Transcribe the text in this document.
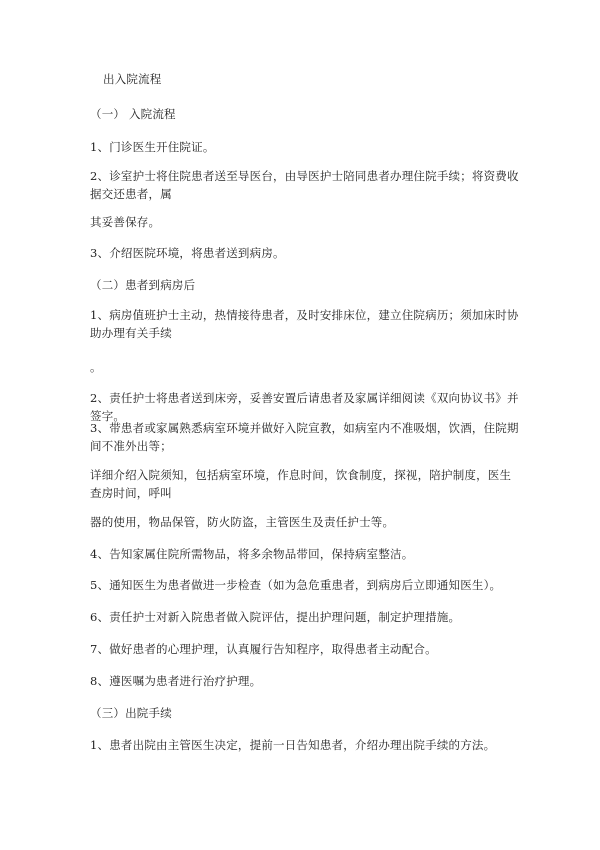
出入院流程
（一） 入院流程
1、门诊医生开住院证。
2、诊室护士将住院患者送至导医台，由导医护士陪同患者办理住院手续；将资费收据交还患者，属
其妥善保存。
3、介绍医院环境，将患者送到病房。
（二）患者到病房后
1、病房值班护士主动，热情接待患者，及时安排床位，建立住院病历；须加床时协助办理有关手续
。
2、责任护士将患者送到床旁，妥善安置后请患者及家属详细阅读《双向协议书》并签字。
3、带患者或家属熟悉病室环境并做好入院宣教，如病室内不准吸烟，饮酒，住院期间不准外出等；
详细介绍入院须知，包括病室环境，作息时间，饮食制度，探视，陪护制度，医生查房时间，呼叫
器的使用，物品保管，防火防盗，主管医生及责任护士等。
4、告知家属住院所需物品，将多余物品带回，保持病室整洁。
5、通知医生为患者做进一步检查（如为急危重患者，到病房后立即通知医生）。
6、责任护士对新入院患者做入院评估，提出护理问题，制定护理措施。
7、做好患者的心理护理，认真履行告知程序，取得患者主动配合。
8、遵医嘱为患者进行治疗护理。
（三）出院手续
1、患者出院由主管医生决定，提前一日告知患者，介绍办理出院手续的方法。
